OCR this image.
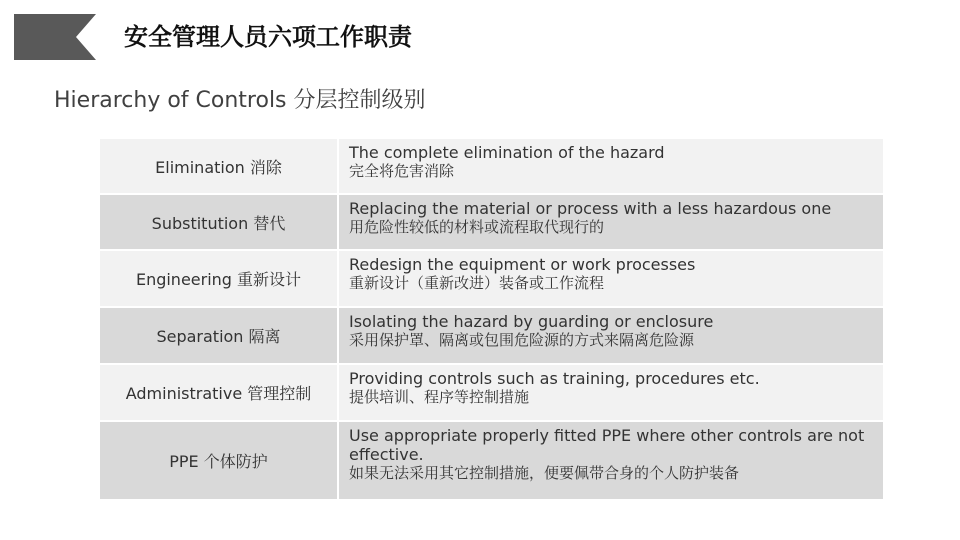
安全管理人员六项工作职责
Hierarchy of Controls 分层控制级别
Elimination 消除
The complete elimination of the hazard
完全将危害消除
Substitution 替代
Replacing the material or process with a less hazardous one
用危险性较低的材料或流程取代现行的
Engineering 重新设计
Redesign the equipment or work processes
重新设计（重新改进）装备或工作流程
Separation 隔离
Isolating the hazard by guarding or enclosure
采用保护罩、隔离或包围危险源的方式来隔离危险源
Administrative 管理控制
Providing controls such as training, procedures etc.
提供培训、程序等控制措施
PPE 个体防护
Use appropriate properly fitted PPE where other controls are not effective.
如果无法采用其它控制措施，便要佩带合身的个人防护装备
